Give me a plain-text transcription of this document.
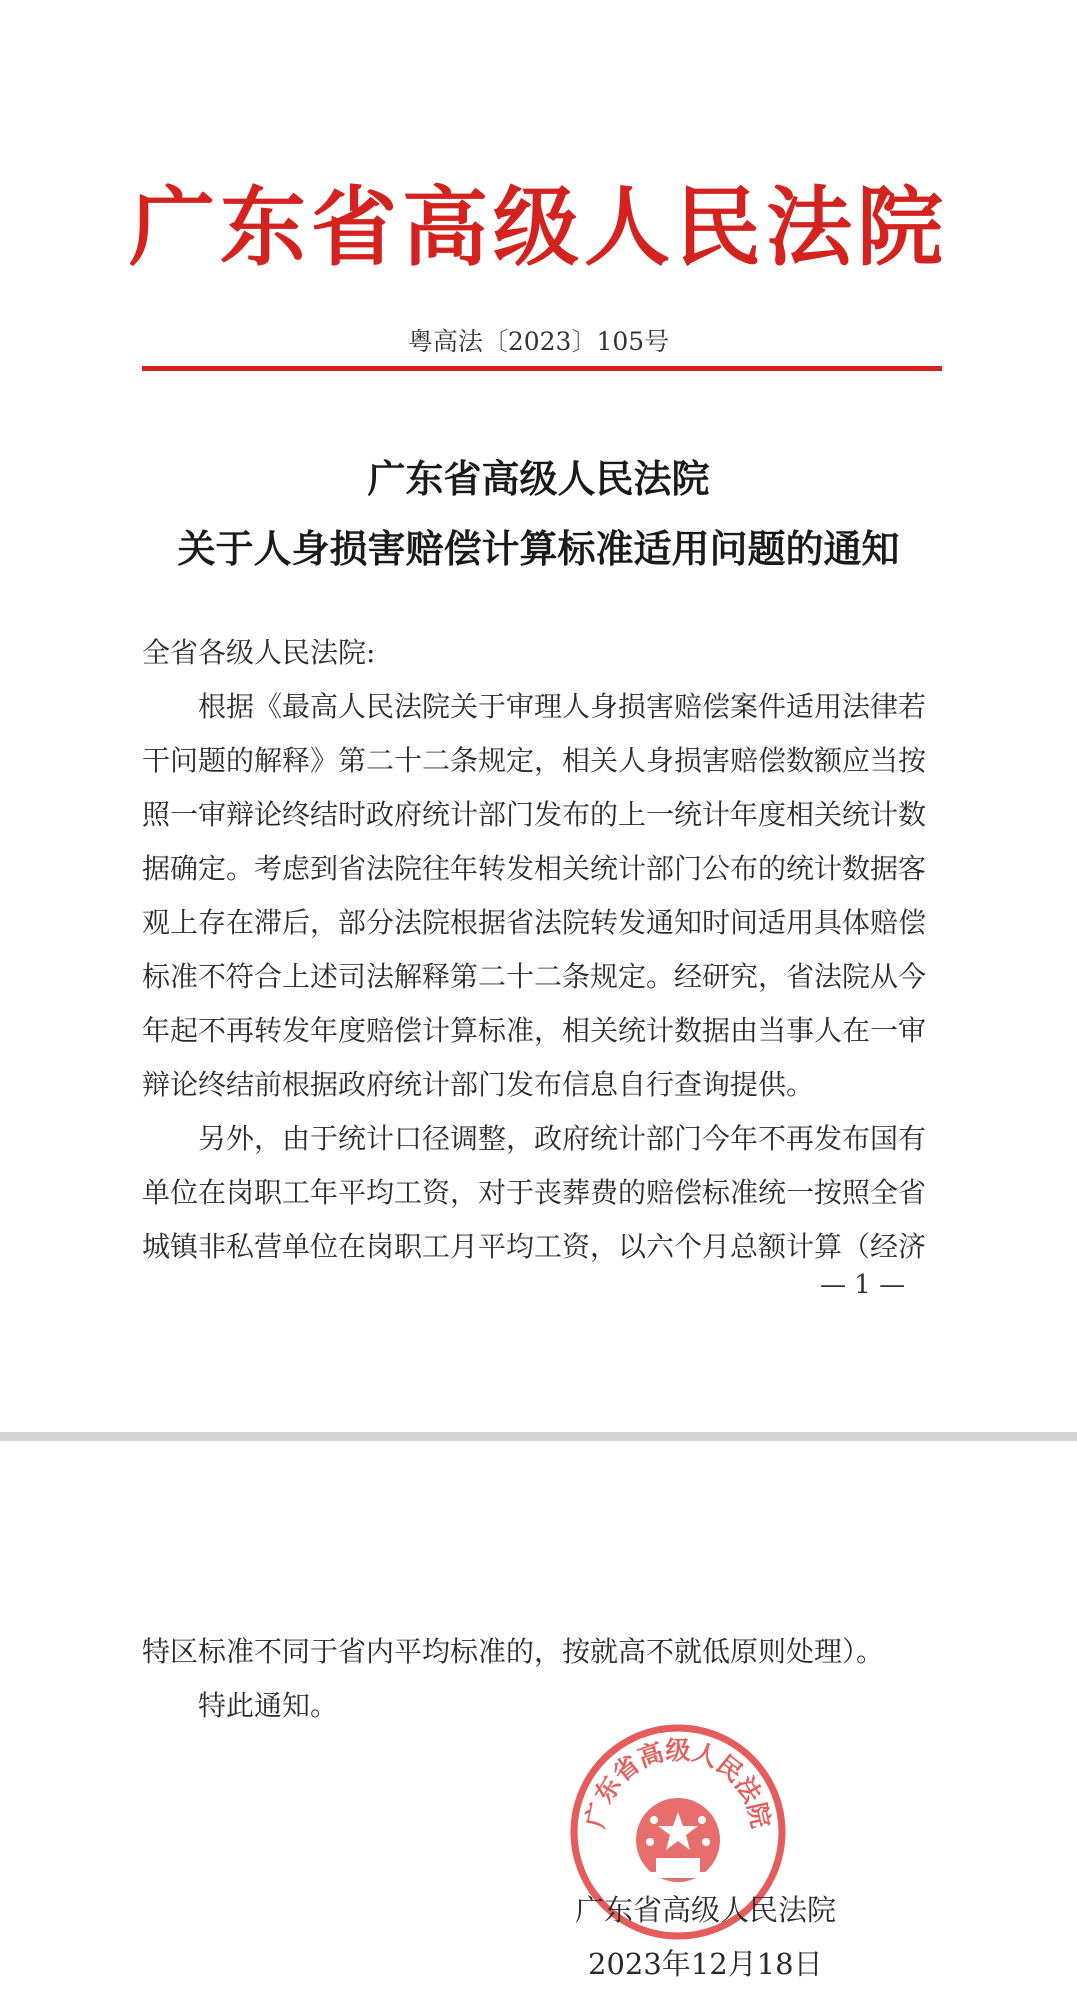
广东省高级人民法院
粤高法〔2023〕105号
广东省高级人民法院
关于人身损害赔偿计算标准适用问题的通知
全省各级人民法院:
根据《最高人民法院关于审理人身损害赔偿案件适用法律若
干问题的解释》第二十二条规定，相关人身损害赔偿数额应当按
照一审辩论终结时政府统计部门发布的上一统计年度相关统计数
据确定。考虑到省法院往年转发相关统计部门公布的统计数据客
观上存在滞后，部分法院根据省法院转发通知时间适用具体赔偿
标准不符合上述司法解释第二十二条规定。经研究，省法院从今
年起不再转发年度赔偿计算标准，相关统计数据由当事人在一审
辩论终结前根据政府统计部门发布信息自行查询提供。
另外，由于统计口径调整，政府统计部门今年不再发布国有
单位在岗职工年平均工资，对于丧葬费的赔偿标准统一按照全省
城镇非私营单位在岗职工月平均工资，以六个月总额计算（经济
— 1 —
特区标准不同于省内平均标准的，按就高不就低原则处理）。
特此通知。
广东省高级人民法院
广东省高级人民法院
2023年12月18日
